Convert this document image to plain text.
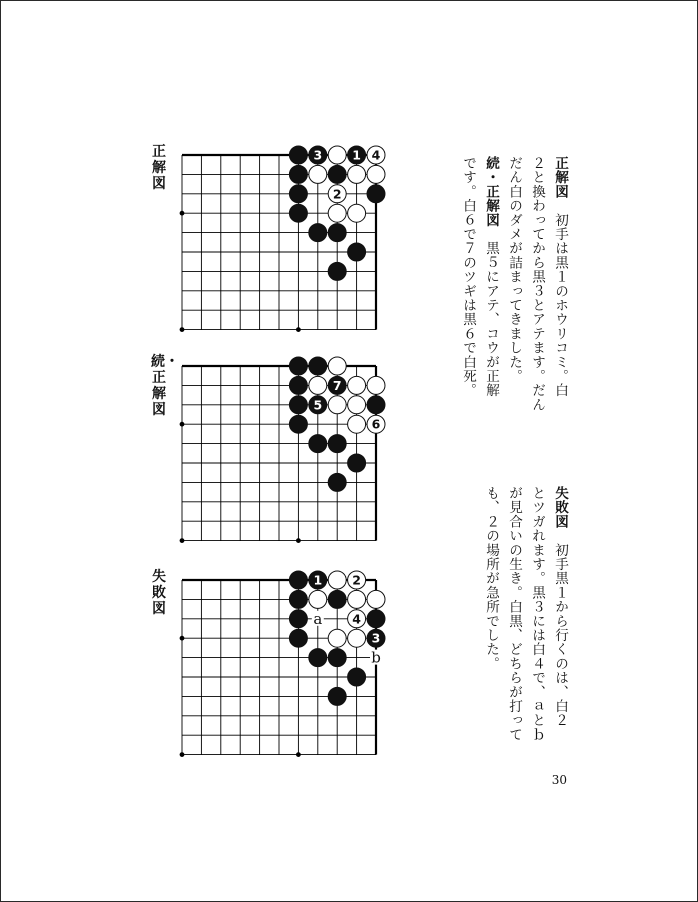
正解図
続・正解図
失敗図
3 1 4
2
7
5
6
1 2
4
3
a
b
正解図　初手は黒１のホウリコミ。白
２と換わってから黒３とアテます。だん
だん白のダメが詰まってきました。
続・正解図　黒５にアテ、コウが正解
です。白６で７のツギは黒６で白死。
失敗図　初手黒１から行くのは、白２
とツガれます。黒３には白４で、ａとｂ
が見合いの生き。白黒、どちらが打って
も、２の場所が急所でした。
30
